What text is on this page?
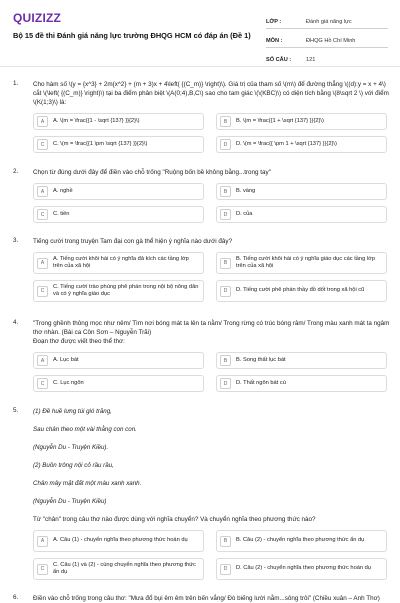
QUIZIZZ
Bộ 15 đề thi Đánh giá năng lực trường ĐHQG HCM có đáp án (Đề 1)
LỚP :	Đánh giá năng lực
MÔN :	ĐHQG Hồ Chí Minh
SỐ CÂU :	121
1. Cho hàm số \(y = {x^3} + 2m{x^2} + (m + 3)x + 4\left( {(C_m)} \right)\). Giá trị của tham số \(m\) để đường thẳng \((d):y = x + 4\) cắt \(\left( {(C_m)} \right)\) tại ba điểm phân biệt \(A(0;4),B,C\) sao cho tam giác \(\(KBC)\) có diện tích bằng \(8\sqrt 2 \) với điểm \(K(1;3)\) là:
A	A. \(m = \frac{{1 - \sqrt {137} }}{2}\)	B	B. \(m = \frac{{1 + \sqrt {137} }}{2}\)
C	C. \(m = \frac{{1 \pm \sqrt {137} }}{2}\)	D	D. \(m = \frac{{ \pm 1 + \sqrt {137} }}{2}\)
2. Chọn từ đúng dưới đây để điền vào chỗ trống "Ruộng bốn bề không bằng...trong tay"
A	A. nghề	B	B. vàng
C	C. tiền	D	D. của
3. Tiếng cười trong truyện Tam đại con gà thể hiện ý nghĩa nào dưới đây?
A
A. Tiếng cười khôi hài có ý nghĩa đả kích các tầng lớp trên của xã hội	B
B. Tiếng cười khôi hài có ý nghĩa giáo dục các tầng lớp trên của xã hội
C
C. Tiếng cười trào phúng phê phán trong nội bộ nông dân và có ý nghĩa giáo dục	D	D. Tiếng cười phê phán thầy đồ dốt trong xã hội cũ
4. "Trong ghềnh thông mọc như nêm/ Tìm nơi bóng mát ta lên ta nằm/ Trong rừng có trúc bóng râm/ Trong màu xanh mát ta ngâm thơ nhàn. (Bài ca Côn Sơn – Nguyễn Trãi)
Đoạn thơ được viết theo thể thơ:
A	A. Lục bát	B	B. Song thất lục bát
C	C. Lục ngôn	D	D. Thất ngôn bát cú
5. (1) Đề huề lưng túi gió trăng,
Sau chân theo một vài thằng con con.
(Nguyễn Du - Truyện Kiều).
(2) Buồn trông nội cỏ rầu rầu,
Chân mây mặt đất một màu xanh xanh.
(Nguyễn Du - Truyện Kiều)
Từ "chân" trong câu thơ nào được dùng với nghĩa chuyển? Và chuyển nghĩa theo phương thức nào?
A	A. Câu (1) - chuyển nghĩa theo phương thức hoán dụ	B	B. Câu (2) - chuyển nghĩa theo phương thức ẩn dụ
C
C. Câu (1) và (2) - cùng chuyển nghĩa theo phương thức ẩn dụ	D	D. Câu (2) - chuyển nghĩa theo phương thức hoán dụ
6. Điền vào chỗ trống trong câu thơ: "Mưa đổ bụi êm êm trên bến vắng/ Đò biếng lười nằm...sông trôi" (Chiều xuân – Anh Thơ)
